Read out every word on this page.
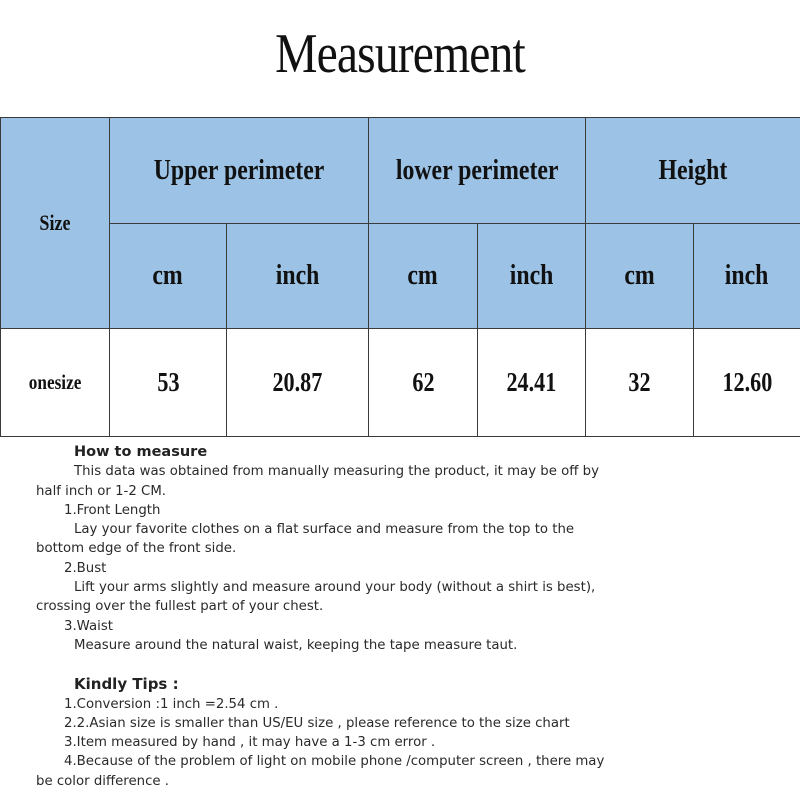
Measurement
Size	Upper perimeter		lower perimeter		Height	
	cm	inch	cm	inch	cm	inch
onesize	53	20.87	62	24.41	32	12.60
How to measure
This data was obtained from manually measuring the product, it may be off by
half inch or 1-2 CM.
1.Front Length
Lay your favorite clothes on a flat surface and measure from the top to the
bottom edge of the front side.
2.Bust
Lift your arms slightly and measure around your body (without a shirt is best),
crossing over the fullest part of your chest.
3.Waist
Measure around the natural waist, keeping the tape measure taut.
Kindly Tips :
1.Conversion :1 inch =2.54 cm .
2.2.Asian size is smaller than US/EU size , please reference to the size chart
3.Item measured by hand , it may have a 1-3 cm error .
4.Because of the problem of light on mobile phone /computer screen , there may
be color difference .
